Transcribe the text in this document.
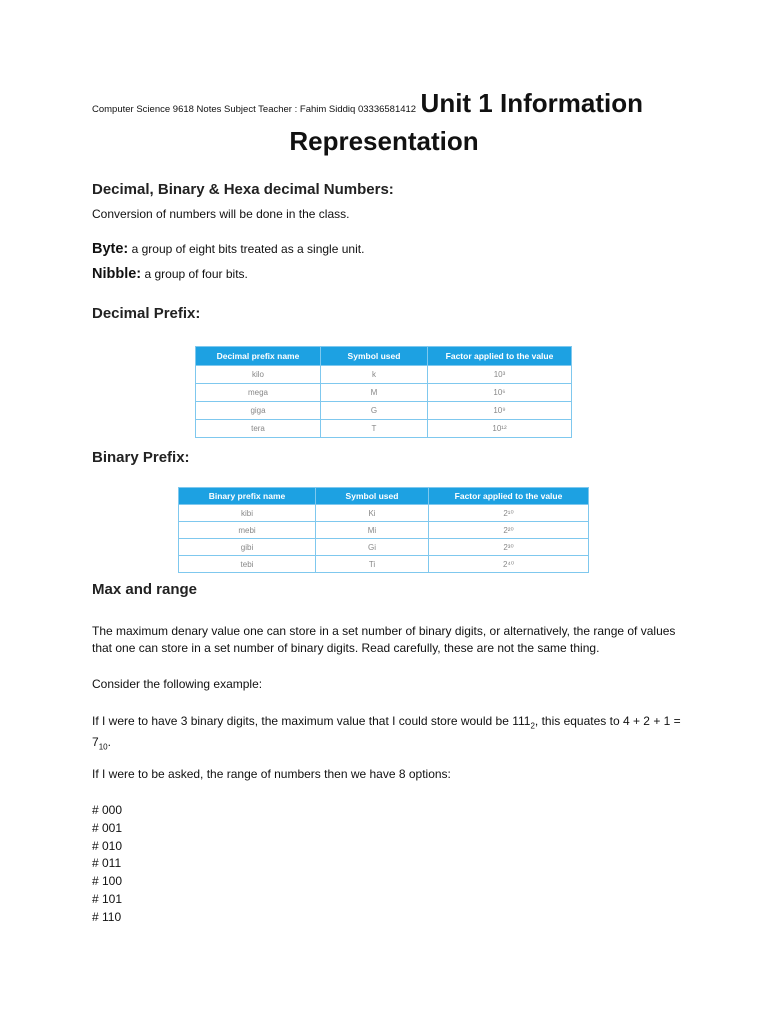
Computer Science 9618 Notes Subject Teacher : Fahim Siddiq 03336581412 Unit 1 Information
Representation
Decimal, Binary & Hexa decimal Numbers:
Conversion of numbers will be done in the class.
Byte: a group of eight bits treated as a single unit.
Nibble: a group of four bits.
Decimal Prefix:
Decimal prefix name	Symbol used	Factor applied to the value
kilo	k	10³
mega	M	10⁶
giga	G	10⁹
tera	T	10¹²
Binary Prefix:
Binary prefix name	Symbol used	Factor applied to the value
kibi	Ki	2¹⁰
mebi	Mi	2²⁰
gibi	Gi	2³⁰
tebi	Ti	2⁴⁰
Max and range
The maximum denary value one can store in a set number of binary digits, or alternatively, the range of values that one can store in a set number of binary digits. Read carefully, these are not the same thing.
Consider the following example:
If I were to have 3 binary digits, the maximum value that I could store would be $111_2$, this equates to $4 + 2 + 1 = 7_{10}$.
If I were to be asked, the range of numbers then we have 8 options:
# 000
# 001
# 010
# 011
# 100
# 101
# 110
